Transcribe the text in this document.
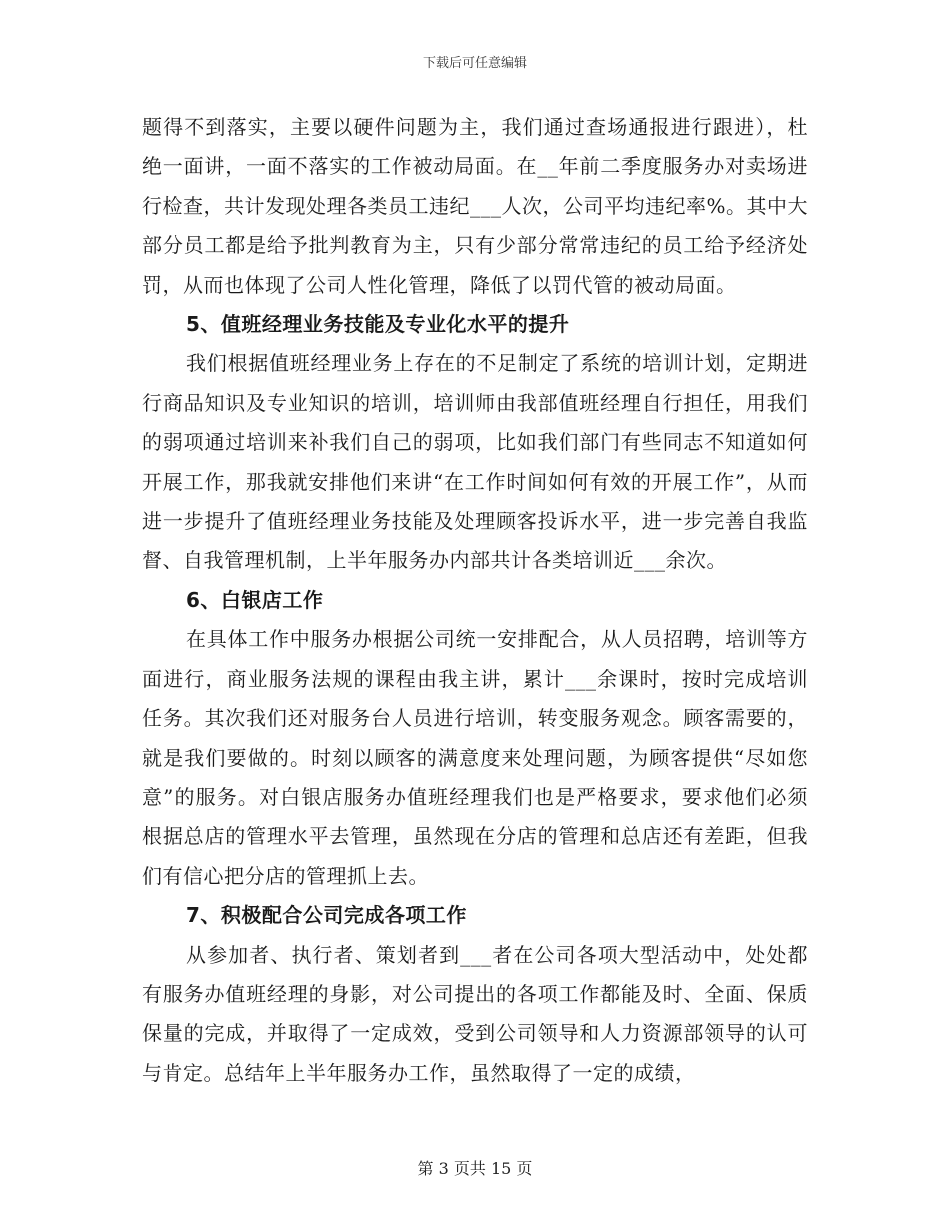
下载后可任意编辑

题得不到落实，主要以硬件问题为主，我们通过查场通报进行跟进），杜绝一面讲，一面不落实的工作被动局面。在__年前二季度服务办对卖场进行检查，共计发现处理各类员工违纪___人次，公司平均违纪率%。其中大部分员工都是给予批判教育为主，只有少部分常常违纪的员工给予经济处罚，从而也体现了公司人性化管理，降低了以罚代管的被动局面。

5、值班经理业务技能及专业化水平的提升

我们根据值班经理业务上存在的不足制定了系统的培训计划，定期进行商品知识及专业知识的培训，培训师由我部值班经理自行担任，用我们的弱项通过培训来补我们自己的弱项，比如我们部门有些同志不知道如何开展工作，那我就安排他们来讲“在工作时间如何有效的开展工作”，从而进一步提升了值班经理业务技能及处理顾客投诉水平，进一步完善自我监督、自我管理机制，上半年服务办内部共计各类培训近___余次。

6、白银店工作

在具体工作中服务办根据公司统一安排配合，从人员招聘，培训等方面进行，商业服务法规的课程由我主讲，累计___余课时，按时完成培训任务。其次我们还对服务台人员进行培训，转变服务观念。顾客需要的，就是我们要做的。时刻以顾客的满意度来处理问题，为顾客提供“尽如您意”的服务。对白银店服务办值班经理我们也是严格要求，要求他们必须根据总店的管理水平去管理，虽然现在分店的管理和总店还有差距，但我们有信心把分店的管理抓上去。

7、积极配合公司完成各项工作

从参加者、执行者、策划者到___者在公司各项大型活动中，处处都有服务办值班经理的身影，对公司提出的各项工作都能及时、全面、保质保量的完成，并取得了一定成效，受到公司领导和人力资源部领导的认可与肯定。总结年上半年服务办工作，虽然取得了一定的成绩，

第 3 页共 15 页
